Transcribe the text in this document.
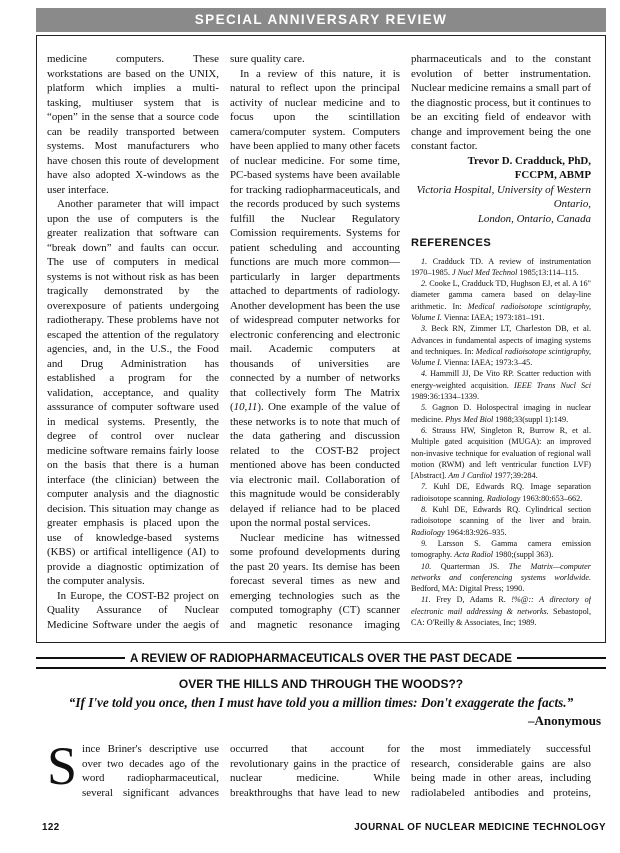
SPECIAL ANNIVERSARY REVIEW

medicine computers. These workstations are based on the UNIX, platform which implies a multi-tasking, multiuser system that is “open” in the sense that a source code can be readily transported between systems. Most manufacturers who have chosen this route of development have also adopted X-windows as the user interface.

Another parameter that will impact upon the use of computers is the greater realization that software can “break down” and faults can occur. The use of computers in medical systems is not without risk as has been tragically demonstrated by the overexposure of patients undergoing radiotherapy. These problems have not escaped the attention of the regulatory agencies, and, in the U.S., the Food and Drug Administration has established a program for the validation, acceptance, and quality asssurance of computer software used in medical systems. Presently, the degree of control over nuclear medicine software remains fairly loose on the basis that there is a human interface (the clinician) between the computer analysis and the diagnostic decision. This situation may change as greater emphasis is placed upon the use of knowledge-based systems (KBS) or artifical intelligence (AI) to provide a diagnostic optimization of the computer analysis.

In Europe, the COST-B2 project on Quality Assurance of Nuclear Medicine Software under the aegis of

sure quality care.

In a review of this nature, it is natural to reflect upon the principal activity of nuclear medicine and to focus upon the scintillation camera/computer system. Computers have been applied to many other facets of nuclear medicine. For some time, PC-based systems have been available for tracking radiopharmaceuticals, and the records produced by such systems fulfill the Nuclear Regulatory Comission requirements. Systems for patient scheduling and accounting functions are much more common—particularly in larger departments attached to departments of radiology. Another development has been the use of widespread computer networks for electronic conferencing and electronic mail. Academic computers at thousands of universities are connected by a number of networks that collectively form The Matrix (10,11). One example of the value of these networks is to note that much of the data gathering and discussion related to the COST-B2 project mentioned above has been conducted via electronic mail. Collaboration of this magnitude would be considerably delayed if reliance had to be placed upon the normal postal services.

Nuclear medicine has witnessed some profound developments during the past 20 years. Its demise has been forecast several times as new and emerging technologies such as the computed tomography (CT) scanner and magnetic resonance imaging

pharmaceuticals and to the constant evolution of better instrumentation. Nuclear medicine remains a small part of the diagnostic process, but it continues to be an exciting field of endeavor with change and improvement being the one constant factor.

Trevor D. Cradduck, PhD,
FCCPM, ABMP
Victoria Hospital, University of Western
Ontario,
London, Ontario, Canada
REFERENCES
1. Cradduck TD. A review of instrumentation 1970–1985. J Nucl Med Technol 1985;13:114–115.
2. Cooke L, Cradduck TD, Hughson EJ, et al. A 16" diameter gamma camera based on delay-line arithmetic. In: Medical radioisotope scintigraphy, Volume I. Vienna: IAEA; 1973:181–191.
3. Beck RN, Zimmer LT, Charleston DB, et al. Advances in fundamental aspects of imaging systems and techniques. In: Medical radioisotope scintigraphy, Volume I. Vienna: IAEA; 1973:3–45.
4. Hammill JJ, De Vito RP. Scatter reduction with energy-weighted acquisition. IEEE Trans Nucl Sci 1989:36:1334–1339.
5. Gagnon D. Holospectral imaging in nuclear medicine. Phys Med Biol 1988;33(suppl 1):149.
6. Strauss HW, Singleton R, Burrow R, et al. Multiple gated acquisition (MUGA): an improved non-invasive technique for evaluation of regional wall motion (RWM) and left ventricular function LVF) [Abstract]. Am J Cardiol 1977;39:284.
7. Kuhl DE, Edwards RQ. Image separation radioisotope scanning. Radiology 1963:80:653–662.
8. Kuhl DE, Edwards RQ. Cylindrical section radioisotope scanning of the liver and brain. Radiology 1964:83:926–935.
9. Larsson S. Gamma camera emission tomography. Acta Radiol 1980;(suppl 363).
10. Quarterman JS. The Matrix—computer networks and conferencing systems worldwide. Bedford, MA: Digital Press; 1990.
11. Frey D, Adams R. !%@:: A directory of electronic mail addressing & networks. Sebastopol, CA: O'Reilly & Associates, Inc; 1989.
A REVIEW OF RADIOPHARMACEUTICALS OVER THE PAST DECADE
OVER THE HILLS AND THROUGH THE WOODS??
“If I've told you once, then I must have told you a million times: Don't exaggerate the facts.”
–Anonymous
Since Briner's descriptive use over two decades ago of the word radiopharmaceutical, several significant advances
occurred that account for revolutionary gains in the practice of nuclear medicine. While breakthroughs that have lead to new
the most immediately successful research, considerable gains are also being made in other areas, including radiolabeled antibodies and proteins,
122	JOURNAL OF NUCLEAR MEDICINE TECHNOLOGY
